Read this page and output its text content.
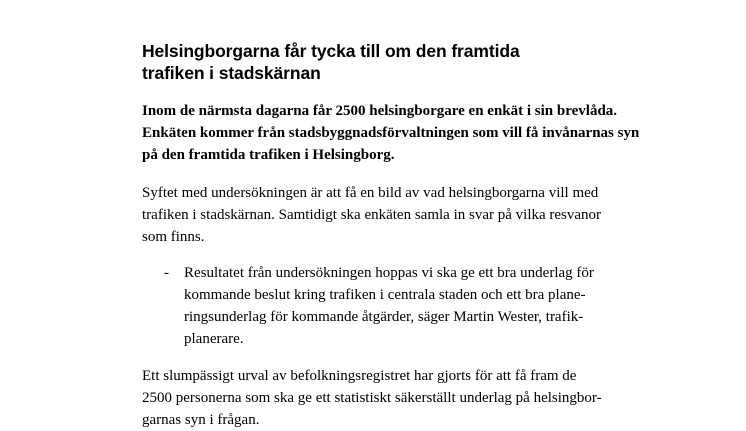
Helsingborgarna får tycka till om den framtida
trafiken i stadskärnan

Inom de närmsta dagarna får 2500 helsingborgare en enkät i sin brevlåda.
Enkäten kommer från stadsbyggnadsförvaltningen som vill få invånarnas syn
på den framtida trafiken i Helsingborg.

Syftet med undersökningen är att få en bild av vad helsingborgarna vill med
trafiken i stadskärnan. Samtidigt ska enkäten samla in svar på vilka resvanor
som finns.

- Resultatet från undersökningen hoppas vi ska ge ett bra underlag för
kommande beslut kring trafiken i centrala staden och ett bra plane-
ringsunderlag för kommande åtgärder, säger Martin Wester, trafik-
planerare.

Ett slumpässigt urval av befolkningsregistret har gjorts för att få fram de
2500 personerna som ska ge ett statistiskt säkerställt underlag på helsingbor-
garnas syn i frågan.
